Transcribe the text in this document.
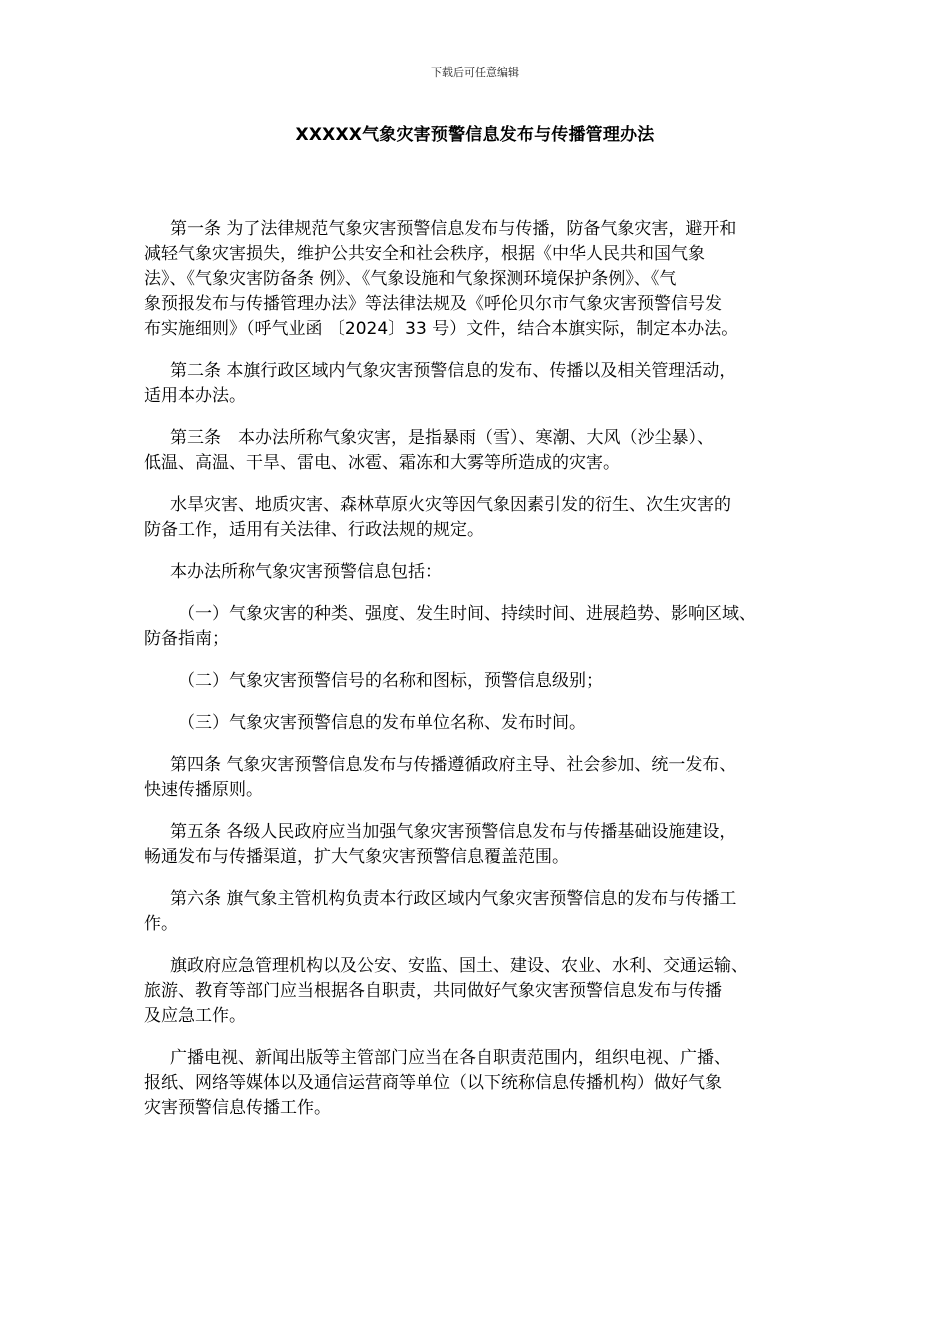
下载后可任意编辑
XXXXX气象灾害预警信息发布与传播管理办法
第一条 为了法律规范气象灾害预警信息发布与传播，防备气象灾害，避开和
减轻气象灾害损失，维护公共安全和社会秩序，根据《中华人民共和国气象
法》、《气象灾害防备条 例》、《气象设施和气象探测环境保护条例》、《气
象预报发布与传播管理办法》等法律法规及《呼伦贝尔市气象灾害预警信号发
布实施细则》（呼气业函 〔2024〕33 号）文件，结合本旗实际，制定本办法。
第二条 本旗行政区域内气象灾害预警信息的发布、传播以及相关管理活动，
适用本办法。
第三条　本办法所称气象灾害，是指暴雨（雪）、寒潮、大风（沙尘暴）、
低温、高温、干旱、雷电、冰雹、霜冻和大雾等所造成的灾害。
水旱灾害、地质灾害、森林草原火灾等因气象因素引发的衍生、次生灾害的
防备工作，适用有关法律、行政法规的规定。
本办法所称气象灾害预警信息包括：
（一）气象灾害的种类、强度、发生时间、持续时间、进展趋势、影响区域、
防备指南；
（二）气象灾害预警信号的名称和图标，预警信息级别；
（三）气象灾害预警信息的发布单位名称、发布时间。
第四条 气象灾害预警信息发布与传播遵循政府主导、社会参加、统一发布、
快速传播原则。
第五条 各级人民政府应当加强气象灾害预警信息发布与传播基础设施建设，
畅通发布与传播渠道，扩大气象灾害预警信息覆盖范围。
第六条 旗气象主管机构负责本行政区域内气象灾害预警信息的发布与传播工
作。
旗政府应急管理机构以及公安、安监、国土、建设、农业、水利、交通运输、
旅游、教育等部门应当根据各自职责，共同做好气象灾害预警信息发布与传播
及应急工作。
广播电视、新闻出版等主管部门应当在各自职责范围内，组织电视、广播、
报纸、网络等媒体以及通信运营商等单位（以下统称信息传播机构）做好气象
灾害预警信息传播工作。
